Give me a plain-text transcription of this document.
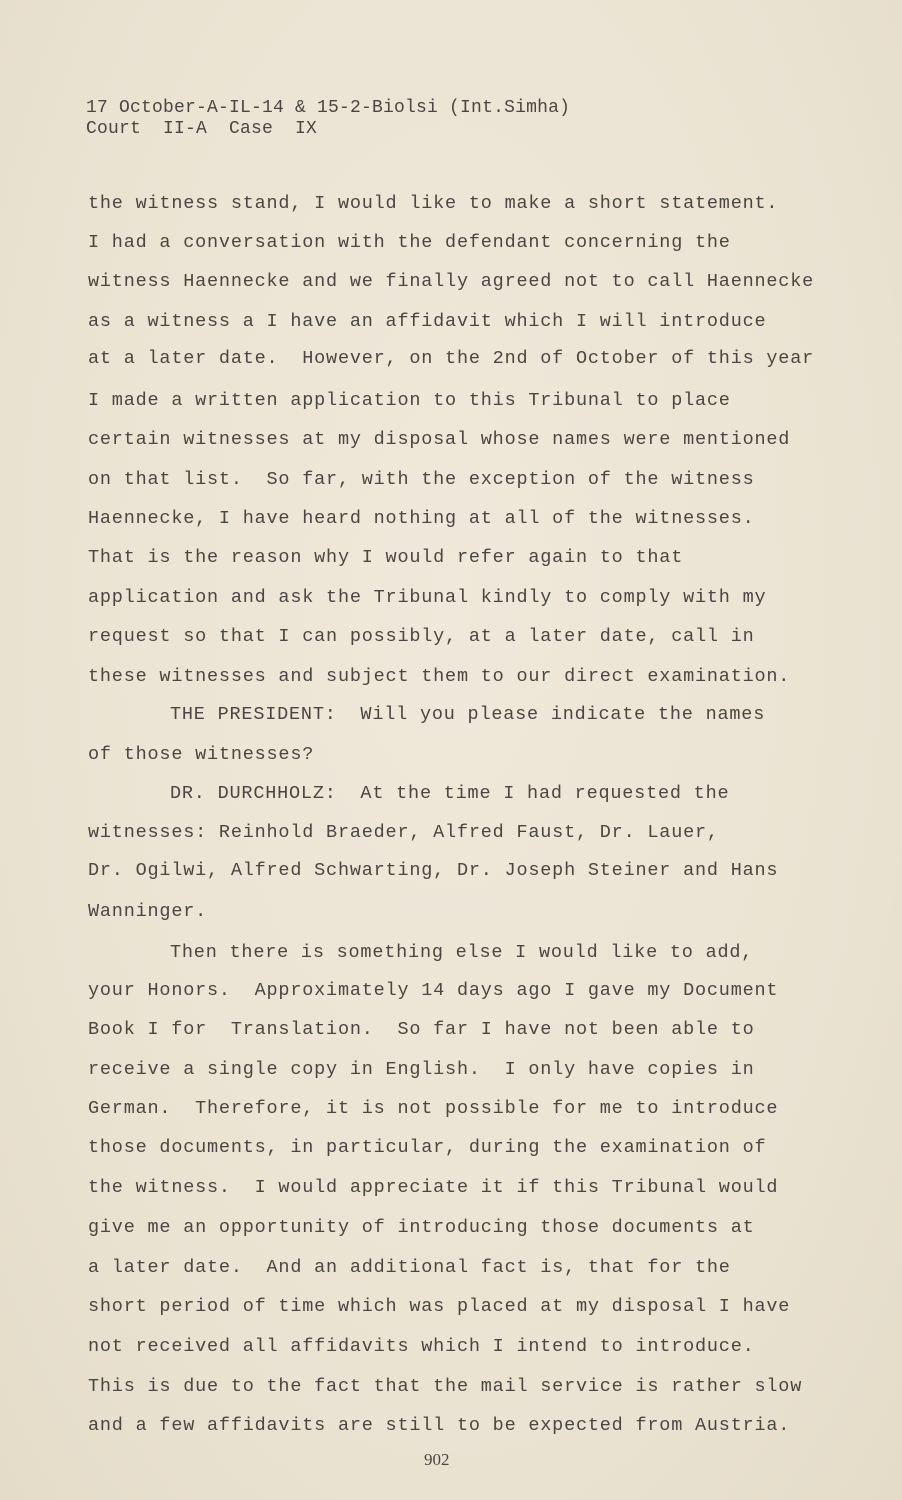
17 October-A-IL-14 & 15-2-Biolsi (Int.Simha)
Court  II-A  Case  IX
the witness stand, I would like to make a short statement.
I had a conversation with the defendant concerning the
witness Haennecke and we finally agreed not to call Haennecke
as a witness a I have an affidavit which I will introduce
at a later date.  However, on the 2nd of October of this year
I made a written application to this Tribunal to place
certain witnesses at my disposal whose names were mentioned
on that list.  So far, with the exception of the witness
Haennecke, I have heard nothing at all of the witnesses.
That is the reason why I would refer again to that
application and ask the Tribunal kindly to comply with my
request so that I can possibly, at a later date, call in
these witnesses and subject them to our direct examination.
THE PRESIDENT:  Will you please indicate the names
of those witnesses?
DR. DURCHHOLZ:  At the time I had requested the
witnesses: Reinhold Braeder, Alfred Faust, Dr. Lauer,
Dr. Ogilwi, Alfred Schwarting, Dr. Joseph Steiner and Hans
Wanninger.
Then there is something else I would like to add,
your Honors.  Approximately 14 days ago I gave my Document
Book I for  Translation.  So far I have not been able to
receive a single copy in English.  I only have copies in
German.  Therefore, it is not possible for me to introduce
those documents, in particular, during the examination of
the witness.  I would appreciate it if this Tribunal would
give me an opportunity of introducing those documents at
a later date.  And an additional fact is, that for the
short period of time which was placed at my disposal I have
not received all affidavits which I intend to introduce.
This is due to the fact that the mail service is rather slow
and a few affidavits are still to be expected from Austria.
902
